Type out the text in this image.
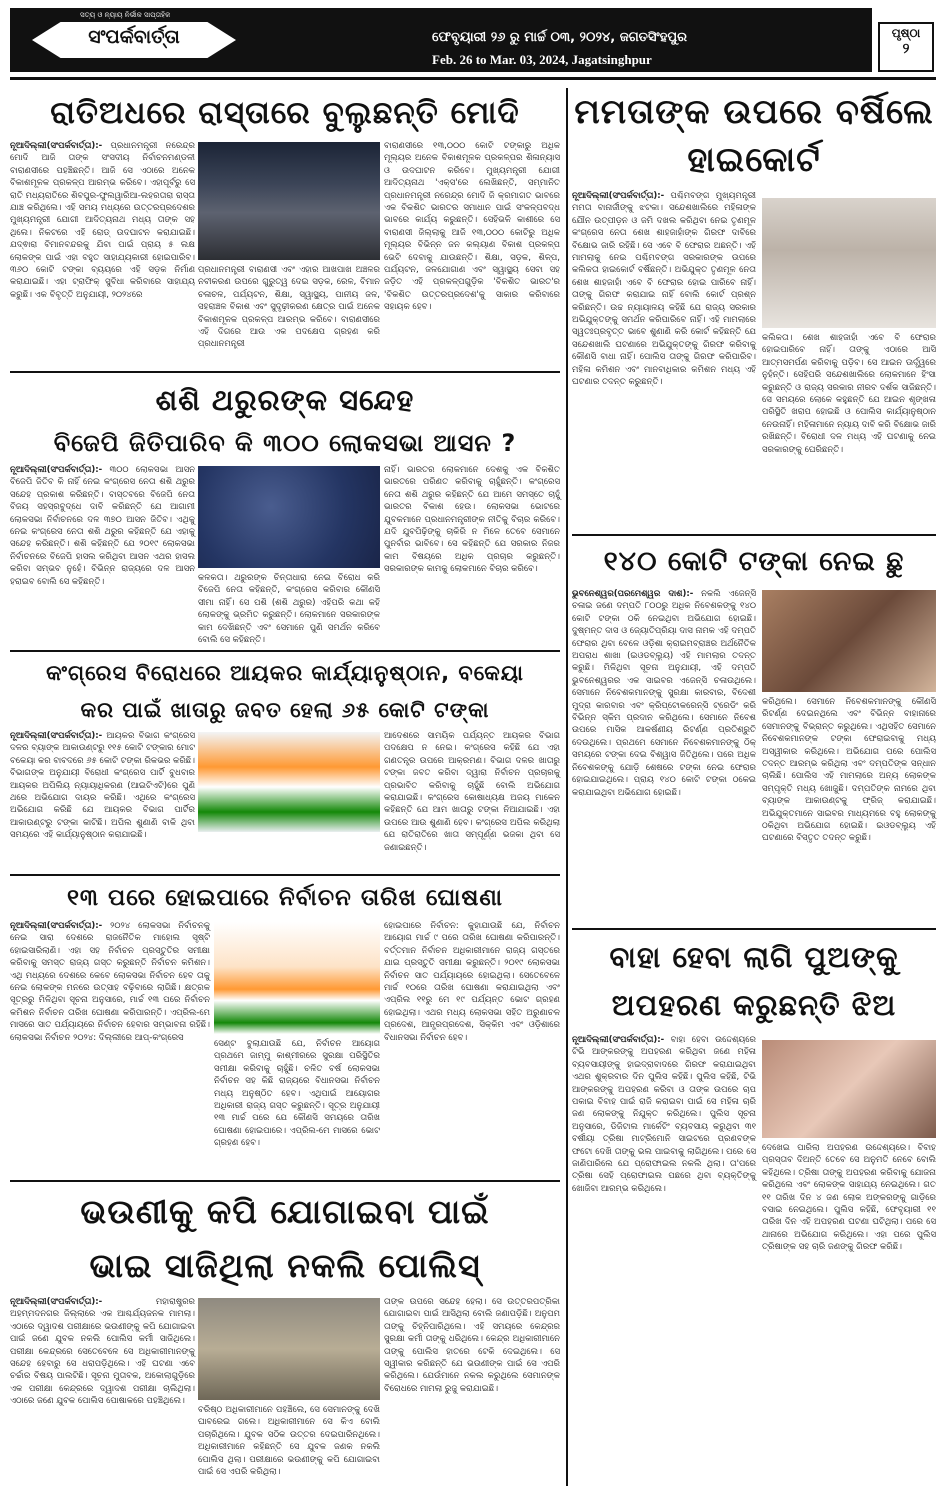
ସତ୍ୟ ଓ ନ୍ୟାୟ ନିର୍ଭୀକ ସାପ୍ତାହିକ
ସଂପର୍କବାର୍ତ୍ତା	ଫେବୃୟାରୀ ୨୬ ରୁ ମାର୍ଚ୍ଚ ୦୩, ୨୦୨୪, ଜଗତସିଂହପୁର
Feb. 26 to Mar. 03, 2024, Jagatsinghpur
ପୃଷ୍ଠା
୨
ରାତିଅଧରେ ରାସ୍ତାରେ ବୁଲୁଛନ୍ତି ମୋଦି
ନୂଆଦିଲ୍ଲୀ(ସଂପର୍କବାର୍ତ୍ତା):- ପ୍ରଧାନମନ୍ତ୍ରୀ ନରେନ୍ଦ୍ର ମୋଦି ଆଜି ତାଙ୍କ ସଂସଦୀୟ ନିର୍ବାଚନମଣ୍ଡଳୀ ବାରାଣସୀରେ ପହଞ୍ଚିଛନ୍ତି। ଆଜି ସେ ଏଠାରେ ଅନେକ ବିକାଶମୂଳକ ପ୍ରକଳ୍ପ ଆରମ୍ଭ କରିବେ। ଏହାପୂର୍ବରୁ ସେ ରାତି ମଧ୍ୟରାତିରେ ଶିବପୁର-ଫୁଲୱାରିଆ-ଲହରତାରା ରାସ୍ତା ଯାଞ୍ଚ କରିଥିଲେ। ଏହି ସମୟ ମଧ୍ୟରେ ଉତ୍ତରପ୍ରଦେଶର ମୁଖ୍ୟମନ୍ତ୍ରୀ ଯୋଗୀ ଆଦିତ୍ୟନାଥ ମଧ୍ୟ ତାଙ୍କ ସହ ଥିଲେ। ନିକଟରେ ଏହି ରୋଡ୍ ଉଦଘାଟନ କରାଯାଇଛି। ଯଦ୍ଵାରା ବିମାନବନ୍ଦରକୁ ଯିବା ପାଇଁ ପ୍ରାୟ ୫ ଲକ୍ଷ ଲୋକଙ୍କ ପାଇଁ ଏହା ବହୁତ ସାହାଯ୍ୟକାରୀ ହୋଇପାରିବ। ୩୬୦ କୋଟି ଟଙ୍କା ବ୍ୟୟରେ ଏହି ସଡ଼କ ନିର୍ମାଣ କରାଯାଇଛି। ଏହା ଟ୍ରାଫିକ୍ ସୁବିଧା କରିବାରେ ସାହାଯ୍ୟ କରୁଛି। ଏକ ବିବୃତ୍ତି ଅନୁଯାୟୀ, ୨୦୨୪ରେ
ପ୍ରଧାନମନ୍ତ୍ରୀ ବାରାଣସୀ ଏବଂ ଏହାର ଆଖପାଖ ଅଞ୍ଚଳର ନବୀକରଣ ଉପରେ ଗୁରୁତ୍ୱ ଦେଇ ସଡ଼କ, ରେଳ, ବିମାନ ଚଳାଚଳ, ପର୍ଯ୍ୟଟନ, ଶିକ୍ଷା, ସ୍ୱାସ୍ଥ୍ୟ, ପାନୀୟ ଜଳ, ସହରାଞ୍ଚଳ ବିକାଶ ଏବଂ ସୁଦୃଢ଼ୀକରଣ କ୍ଷେତ୍ର ପାଇଁ ଅନେକ ବିକାଶମୂଳକ ପ୍ରକଳ୍ପ ଆରମ୍ଭ କରିବେ। ବାରାଣସୀରେ ଏହି ଦିଗରେ ଆଉ ଏକ ପଦକ୍ଷେପ ଗ୍ରହଣ କରି ପ୍ରଧାନମନ୍ତ୍ରୀ
ବାରାଣସୀରେ ୧୩,୦୦୦ କୋଟି ଟଙ୍କାରୁ ଅଧିକ ମୂଲ୍ୟର ଅନେକ ବିକାଶମୂଳକ ପ୍ରକଳ୍ପର ଶିଳାନ୍ୟାସ ଓ ଉଦଘାଟନ କରିବେ। ମୁଖ୍ୟମନ୍ତ୍ରୀ ଯୋଗୀ ଆଦିତ୍ୟନାଥ 'ଏକ୍ସ'ରେ ଲେଖିଛନ୍ତି, ସମ୍ମାନିତ ପ୍ରଧାନମନ୍ତ୍ରୀ ନରେନ୍ଦ୍ର ମୋଦି ଜି କ୍ରମାଗତ ଭାବରେ ଏକ ବିକଶିତ ଭାରତର ସମାଧାନ ପାଇଁ ସଂକଳ୍ପବଦ୍ଧ ଭାବରେ କାର୍ଯ୍ୟ କରୁଛନ୍ତି। ସେହିଭଳି କାଶୀରେ ସେ ବାରାଣସୀ ଜିଲ୍ଲାକୁ ଆଜି ୧୩,୦୦୦ କୋଟିରୁ ଅଧିକ ମୂଲ୍ୟର ବିଭିନ୍ନ ଜନ କଲ୍ୟାଣ ବିକାଶ ପ୍ରକଳ୍ପ ଭେଟି ଦେବାକୁ ଯାଉଛନ୍ତି। ଶିକ୍ଷା, ସଡ଼କ, ଶିଳ୍ପ, ପର୍ଯ୍ୟଟନ, ଜଳଯୋଗାଣ ଏବଂ ସ୍ୱାସ୍ଥ୍ୟ ସେବା ସହ ଜଡ଼ିତ ଏହି ପ୍ରକଳ୍ପଗୁଡ଼ିକ 'ବିକଶିତ ଭାରତ'ର 'ବିକଶିତ ଉତ୍ତରପ୍ରଦେଶ'କୁ ସାକାର କରିବାରେ ସହାୟକ ହେବ।
ଶଶି ଥରୁରଙ୍କ ସନ୍ଦେହ
ବିଜେପି ଜିତିପାରିବ କି ୩୦୦ ଲୋକସଭା ଆସନ ?
ନୂଆଦିଲ୍ଲୀ(ସଂପର୍କବାର୍ତ୍ତା):- ୩୦୦ ଲୋକସଭା ଆସନ ବିଜେପି ଜିତିବ କି ନାହିଁ ନେଇ କଂଗ୍ରେସ ନେତା ଶଶି ଥରୁର ସନ୍ଦେହ ପ୍ରକାଶ କରିଛନ୍ତି। ବାସ୍ତବରେ ବିଜେପି ନେତା ବିଜୟ ସହସ୍ରବୁଦ୍ଧେ ଦାବି କରିଛନ୍ତି ଯେ ଆଗାମୀ ଲୋକସଭା ନିର୍ବାଚନରେ ଦଳ ୩୭୦ ଆସନ ଜିତିବ। ଏଥିକୁ ନେଇ କଂଗ୍ରେସ ନେତା ଶଶି ଥରୁର କହିଛନ୍ତି ଯେ ଏହାକୁ ସନ୍ଦେହ କରିଛନ୍ତି। ଶଶି କହିଛନ୍ତି ଯେ ୨୦୧୯ ଲୋକସଭା ନିର୍ବାଚନରେ ବିଜେପି ହାସଲ କରିଥିବା ଆସନ ଏଥର ହାସଲ କରିବା ସମ୍ଭବ ନୁହେଁ। ବିଭିନ୍ନ ରାଜ୍ୟରେ ଦଳ ଆସନ ହରାଇବ ବୋଲି ସେ କହିଛନ୍ତି।	କଳକତା। ଥରୁରଙ୍କ ଚିନ୍ତାଧାରା ନେଇ ବିରୋଧ କରି ବିଜେପି ନେତା କହିଛନ୍ତି, କଂଗ୍ରେସ କରିବାର କୌଣସି ସୀମା ନାହିଁ। ସେ ପଶି (ଶଶି ଥରୁର) ଏହିପରି କଥା କହି ଲୋକଙ୍କୁ ଭ୍ରମିତ କରୁଛନ୍ତି। ଲୋକମାନେ ସରକାରଙ୍କ କାମ ଦେଖିଛନ୍ତି ଏବଂ ସେମାନେ ପୁଣି ସମର୍ଥନ କରିବେ ବୋଲି ସେ କହିଛନ୍ତି।
ନାହିଁ। ଭାରତର ଲୋକମାନେ ଦେଶକୁ ଏକ ବିକଶିତ ଭାରତରେ ପରିଣତ କରିବାକୁ ଚାହୁଁଛନ୍ତି। କଂଗ୍ରେସ ନେତା ଶଶି ଥରୁର କହିଛନ୍ତି ଯେ ଆମେ ସମସ୍ତେ ଚାହୁଁ ଭାରତର ବିକାଶ ହେଉ। ଲୋକସଭା ଭୋଟରେ ଯୁବକମାନେ ପ୍ରଧାନମନ୍ତ୍ରୀଙ୍କ ନୀତିକୁ ବିଚାର କରିବେ। ଯଦି ଯୁବପିଢ଼ିଙ୍କୁ ଚାକିରି ନ ମିଳେ ତେବେ ସେମାନେ ପୁନର୍ବାର ଭାବିବେ। ସେ କହିଛନ୍ତି ଯେ ସରକାର ନିଜର କାମ ବିଷୟରେ ଅଧିକ ପ୍ରଚାର କରୁଛନ୍ତି। ସରକାରଙ୍କ କାମକୁ ଲୋକମାନେ ବିଚାର କରିବେ।
କଂଗ୍ରେସ ବିରୋଧରେ ଆୟକର କାର୍ଯ୍ୟାନୁଷ୍ଠାନ, ବକେୟା
କର ପାଇଁ ଖାତାରୁ ଜବତ ହେଲା ୬୫ କୋଟି ଟଙ୍କା
ନୂଆଦିଲ୍ଲୀ(ସଂପର୍କବାର୍ତ୍ତା):- ଆୟକର ବିଭାଗ କଂଗ୍ରେସ ଦଳର ବ୍ୟାଙ୍କ ଆକାଉଣ୍ଟରୁ ୧୧୫ କୋଟି ଟଙ୍କାର ମୋଟ ବକେୟା କର ବାବଦରେ ୬୫ କୋଟି ଟଙ୍କା ରିକଭର କରିଛି। ବିଭାଗଙ୍କ ଅନୁଯାୟୀ ବିରୋଧୀ କଂଗ୍ରେସ ପାର୍ଟି ବୁଧବାର ଆୟକର ଅପିଲିୟ ନ୍ୟାୟାଧିକରଣ (ଆଇଟିଏଟି)ରେ ପୁଣି ଥରେ ଅଭିଯୋଗ ଦାୟର କରିଛି। ଏଥିରେ କଂଗ୍ରେସ ଅଭିଯୋଗ କରିଛି ଯେ ଆୟକର ବିଭାଗ ପାର୍ଟିର ଆକାଉଣ୍ଟରୁ ଟଙ୍କା କାଟିଛି। ଅପିଲ ଶୁଣାଣି ବାକି ଥିବା ସମୟରେ ଏହି କାର୍ଯ୍ୟାନୁଷ୍ଠାନ କରାଯାଇଛି।
ଆଦେଶରେ ସାମୟିକ ପର୍ଯ୍ୟନ୍ତ ଆୟକର ବିଭାଗ ପଦକ୍ଷେପ ନ ନେଇ। କଂଗ୍ରେସ କହିଛି ଯେ ଏହା ଗଣତନ୍ତ୍ର ଉପରେ ଆକ୍ରମଣ। ବିଭାଗ ଦଳର ଖାତାରୁ ଟଙ୍କା ଜବତ କରିବା ଦ୍ୱାରା ନିର୍ବାଚନ ପ୍ରଚାରକୁ ପ୍ରଭାବିତ କରିବାକୁ ଚାହୁଁଛି ବୋଲି ଅଭିଯୋଗ କରାଯାଇଛି। କଂଗ୍ରେସ କୋଷାଧ୍ୟକ୍ଷ ଅଜୟ ମାକେନ କହିଛନ୍ତି ଯେ ଆମ ଖାତାରୁ ଟଙ୍କା ନିଆଯାଇଛି। ଏହା ଉପରେ ଆଉ ଶୁଣାଣି ହେବ। କଂଗ୍ରେସ ଅପିଲ କରିଥିଲା ଯେ ରାତିରାତିରେ ଖାତା ସମ୍ପୂର୍ଣ୍ଣ ଭଜକା ଥିବା ସେ ଜଣାଇଛନ୍ତି।
୧୩ ପରେ ହୋଇପାରେ ନିର୍ବାଚନ ତାରିଖ ଘୋଷଣା
ନୂଆଦିଲ୍ଲୀ(ସଂପର୍କବାର୍ତ୍ତା):- ୨୦୨୪ ଲୋକସଭା ନିର୍ବାଚନକୁ ନେଇ ସାରା ଦେଶରେ ରାଜନୈତିକ ମାହୋଲ ସୃଷ୍ଟି ହୋଇସାରିଲାଣି। ଏହା ସହ ନିର୍ବାଚନ ପ୍ରସ୍ତୁତିର ସମୀକ୍ଷା କରିବାକୁ ସମସ୍ତ ରାଜ୍ୟ ଗସ୍ତ କରୁଛନ୍ତି ନିର୍ବାଚନ କମିଶନ। ଏଥି ମଧ୍ୟରେ ଦେଶରେ କେବେ ଲୋକସଭା ନିର୍ବାଚନ ହେବ ତାକୁ ନେଇ ଲୋକଙ୍କ ମନରେ ଉତ୍ସାହ ବଢ଼ିବାରେ ଲାଗିଛି। କ୍ଷତ୍ରକ ସୂତ୍ରରୁ ମିଳିଥିବା ସୂଚନା ଅନୁସାରେ, ମାର୍ଚ୍ଚ ୧୩ ପରେ ନିର୍ବାଚନ କମିଶନ ନିର୍ବାଚନ ତାରିଖ ଘୋଷଣା କରିପାରନ୍ତି। ଏପ୍ରିଲ-ମେ ମାସରେ ସାତ ପର୍ଯ୍ୟାୟରେ ନିର୍ବାଚନ ହେବାର ସମ୍ଭାବନା ରହିଛି। ଲୋକସଭା ନିର୍ବାଚନ ୨୦୨୪: ଦିଲ୍ଲୀରେ ଆପ୍-କଂଗ୍ରେସ
ସେଣ୍ଟ ବୁଲାଯାଉଛି ଯେ, ନିର୍ବାଚନ ଆୟୋଗ ପ୍ରଥମେ ଜାମ୍ମୁ କାଶ୍ମୀରରେ ସୁରକ୍ଷା ପରିସ୍ଥିତିର ସମୀକ୍ଷା କରିବାକୁ ଚାହୁଁଛି। ଚଳିତ ବର୍ଷ ଲୋକସଭା ନିର୍ବାଚନ ସହ କିଛି ରାଜ୍ୟରେ ବିଧାନସଭା ନିର୍ବାଚନ ମଧ୍ୟ ଅନୁଷ୍ଠିତ ହେବ। ଏଥିପାଇଁ ଆୟୋଗର ଅଧିକାରୀ ରାଜ୍ୟ ଗସ୍ତ କରୁଛନ୍ତି। ସୂତ୍ର ଅନୁଯାୟୀ ୧୩ ମାର୍ଚ୍ଚ ପରେ ଯେ କୌଣସି ସମୟରେ ତାରିଖ ଘୋଷଣା ହୋଇପାରେ। ଏପ୍ରିଲ-ମେ ମାସରେ ଭୋଟ ଗ୍ରହଣ ହେବ।
ହୋଇପାରେ ନିର୍ବାଚନ: କୁହାଯାଉଛି ଯେ, ନିର୍ବାଚନ ଆୟୋଗ ମାର୍ଚ୍ଚ ୯ ପରେ ତାରିଖ ଘୋଷଣା କରିପାରନ୍ତି। ବର୍ତ୍ତମାନ ନିର୍ବାଚନ ଅଧିକାରୀମାନେ ରାଜ୍ୟ ଗସ୍ତରେ ଯାଇ ପ୍ରସ୍ତୁତି ସମୀକ୍ଷା କରୁଛନ୍ତି। ୨୦୧୯ ଲୋକସଭା ନିର୍ବାଚନ ସାତ ପର୍ଯ୍ୟାୟରେ ହୋଇଥିଲା। ସେତେବେଳେ ମାର୍ଚ୍ଚ ୧୦ରେ ତାରିଖ ଘୋଷଣା କରାଯାଇଥିଲା ଏବଂ ଏପ୍ରିଲ ୧୧ରୁ ମେ ୧୯ ପର୍ଯ୍ୟନ୍ତ ଭୋଟ ଗ୍ରହଣ ହୋଇଥିଲା। ଏଥର ମଧ୍ୟ ଲୋକସଭା ସହିତ ଅରୁଣାଚଳ ପ୍ରଦେଶ, ଆନ୍ଧ୍ରପ୍ରଦେଶ, ସିକ୍କିମ ଏବଂ ଓଡ଼ିଶାରେ ବିଧାନସଭା ନିର୍ବାଚନ ହେବ।
ଭଉଣୀକୁ କପି ଯୋଗାଇବା ପାଇଁ
ଭାଇ ସାଜିଥିଲା ନକଲି ପୋଲିସ୍
ନୂଆଦିଲ୍ଲୀ(ସଂପର୍କବାର୍ତ୍ତା):-	ମହାରାଷ୍ଟ୍ରର ଅହମ୍ମଦନଗର ଜିଲ୍ଲାରେ ଏକ ଆଶ୍ଚର୍ଯ୍ୟଜନକ ମାମଲା। ଏଠାରେ ଦ୍ୱାଦଶ ପରୀକ୍ଷାରେ ଭଉଣୀଙ୍କୁ କପି ଯୋଗାଇବା ପାଇଁ ଜଣେ ଯୁବକ ନକଲି ପୋଲିସ କର୍ମୀ ସାଜିଥିଲେ। ପରୀକ୍ଷା କେନ୍ଦ୍ରରେ ସେତେବେଳେ ସେ ଅଧିକାରୀମାନଙ୍କୁ ସନ୍ଦେହ ହେବାରୁ ସେ ଧରାପଡ଼ିଥିଲେ। ଏହି ଘଟଣା ଏବେ ଚର୍ଚ୍ଚାର ବିଷୟ ପାଲଟିଛି। ସୂଚନା ମୁତାବକ, ଅକୋଲାଗୁଡ଼ିରେ ଏକ ପରୀକ୍ଷା କେନ୍ଦ୍ରରେ ଦ୍ୱାଦଶ ପରୀକ୍ଷା ଚାଲିଥିଲା। ଏଠାରେ ଜଣେ ଯୁବକ ପୋଲିସ ପୋଷାକରେ ପହଞ୍ଚିଥିଲେ।
ବରିଷ୍ଠ ଅଧିକାରୀମାନେ ପହଞ୍ଚିଲେ, ସେ ସେମାନଙ୍କୁ ଦେଖି ଘାବରେଇ ଗଲେ। ଅଧିକାରୀମାନେ ସେ କିଏ ବୋଲି ପଚାରିଥିଲେ। ଯୁବକ ସଠିକ ଉତ୍ତର ଦେଇପାରିନଥିଲେ। ଅଧିକାରୀମାନେ କହିଛନ୍ତି ସେ ଯୁବକ ଜଣକ ନକଲି ପୋଲିସ ଥିଲା। ପରୀକ୍ଷାରେ ଭଉଣୀଙ୍କୁ କପି ଯୋଗାଇବା ପାଇଁ ସେ ଏପରି କରିଥିଲା।
ତାଙ୍କ ଉପରେ ସନ୍ଦେହ ହେଲା। ସେ ଉତ୍ତରପତ୍ରିକା ଯୋଗାଇବା ପାଇଁ ଆସିଥିଲା ବୋଲି ଜଣାପଡ଼ିଛି। ଅନୁପମ ତାଙ୍କୁ ଚିହ୍ନିପାରିଥିଲେ। ଏହି ସମୟରେ କେନ୍ଦ୍ରର ସୁରକ୍ଷା କର୍ମୀ ତାଙ୍କୁ ଧରିଥିଲେ। କେନ୍ଦ୍ର ଅଧିକାରୀମାନେ ତାଙ୍କୁ ପୋଲିସ ହାତରେ ଟେକି ଦେଇଥିଲେ। ସେ ସ୍ୱୀକାର କରିଛନ୍ତି ଯେ ଭଉଣୀଙ୍କ ପାଇଁ ସେ ଏପରି କରିଥିଲେ। ଯେଉଁମାନେ ନକଲ କରୁଥିଲେ ସେମାନଙ୍କ ବିରୋଧରେ ମାମଲା ରୁଜୁ କରାଯାଇଛି।
ମମତାଙ୍କ ଉପରେ ବର୍ଷିଲେ ହାଇକୋର୍ଟ
ନୂଆଦିଲ୍ଲୀ(ସଂପର୍କବାର୍ତ୍ତା):- ପଶ୍ଚିମବଙ୍ଗ ମୁଖ୍ୟମନ୍ତ୍ରୀ ମମତା ବାନାର୍ଜୀଙ୍କୁ ଝଟକା। ସନ୍ଦେଶଖାଲିରେ ମହିଳାଙ୍କ ଯୌନ ଉତ୍ପୀଡ଼ନ ଓ ଜମି ଦଖଲ କରିଥିବା ନେଇ ତୃଣମୂଳ କଂଗ୍ରେସ ନେତା ଶେଖ ଶାହଜାହାଁଙ୍କ ଗିରଫ ଦାବିରେ ବିକ୍ଷୋଭ ଜାରି ରହିଛି। ସେ ଏବେ ବି ଫେରାର ଅଛନ୍ତି। ଏହି ମାମଲାକୁ ନେଇ ପଶ୍ଚିମବଙ୍ଗ ସରକାରଙ୍କ ଉପରେ କଲିକତା ହାଇକୋର୍ଟ ବର୍ଷିଛନ୍ତି। ଅଭିଯୁକ୍ତ ତୃଣମୂଳ ନେତା ଶେଖ ଶାହଜାହାଁ ଏବେ ବି ଫେରାର ହୋଇ ପାରିବେ ନାହିଁ। ତାଙ୍କୁ ଗିରଫ କରାଯାଇ ନାହିଁ ବୋଲି କୋର୍ଟ ପ୍ରଶ୍ନ କରିଛନ୍ତି। ଉଚ୍ଚ ନ୍ୟାୟାଳୟ କହିଛି ଯେ ରାଜ୍ୟ ସରକାର ଅଭିଯୁକ୍ତଙ୍କୁ ସମର୍ଥନ କରିପାରିବେ ନାହିଁ। ଏହି ମାମଲାରେ ସ୍ୱତଃପ୍ରବୃତ୍ତ ଭାବେ ଶୁଣାଣି କରି କୋର୍ଟ କହିଛନ୍ତି ଯେ ସନ୍ଦେଶଖାଲି ଘଟଣାରେ ଅଭିଯୁକ୍ତଙ୍କୁ ଗିରଫ କରିବାକୁ କୌଣସି ବାଧା ନାହିଁ। ପୋଲିସ ତାଙ୍କୁ ଗିରଫ କରିପାରିବ। ମହିଳା କମିଶନ ଏବଂ ମାନବାଧିକାର କମିଶନ ମଧ୍ୟ ଏହି ଘଟଣାର ତଦନ୍ତ କରୁଛନ୍ତି।
କଲିକତା। ଶେଖ ଶାହଜାହାଁ ଏବେ ବି ଫେରାର ହୋଇପାରିବେ ନାହିଁ। ତାଙ୍କୁ ଏଠାରେ ଆସି ଆତ୍ମସମର୍ପଣ କରିବାକୁ ପଡ଼ିବ। ସେ ଆଇନ ଊର୍ଦ୍ଧ୍ୱରେ ନୁହଁନ୍ତି। ସେହିପରି ସନ୍ଦେଶଖାଲିରେ ଲୋକମାନେ ହିଂସା କରୁଛନ୍ତି ଓ ରାଜ୍ୟ ସରକାର ନୀରବ ଦର୍ଶକ ସାଜିଛନ୍ତି। ସେ ସମୟରେ ଲୋକେ କହୁଛନ୍ତି ଯେ ଆଇନ ଶୃଙ୍ଖଳା ପରିସ୍ଥିତି ଖରାପ ହୋଇଛି ଓ ପୋଲିସ କାର୍ଯ୍ୟାନୁଷ୍ଠାନ ନେଉନାହିଁ। ମହିଳାମାନେ ନ୍ୟାୟ ଦାବି କରି ବିକ୍ଷୋଭ ଜାରି ରଖିଛନ୍ତି। ବିରୋଧୀ ଦଳ ମଧ୍ୟ ଏହି ଘଟଣାକୁ ନେଇ ସରକାରଙ୍କୁ ଘେରିଛନ୍ତି।
୧୪୦ କୋଟି ଟଙ୍କା ନେଇ ଛୁ
ଭୁବନେଶ୍ୱର(ପରମେଶ୍ୱର ଦାଶ):- ନକଲି ଏଜେନ୍ସି ଚଳାଇ ଜଣେ ଦମ୍ପତି ୮୦୦ରୁ ଅଧିକ ନିବେଶକଙ୍କୁ ୧୪୦ କୋଟି ଟଙ୍କା ଠକି ନେଇଥିବା ଅଭିଯୋଗ ହୋଇଛି। ଦୁଷ୍ମନ୍ତ ଦାସ ଓ ଜ୍ୟୋତିପ୍ରିୟା ଦାସ ନାମକ ଏହି ଦମ୍ପତି ଫେରାର ଥିବା ବେଳେ ଓଡ଼ିଶା କ୍ରାଇମବ୍ରାଞ୍ଚର ଅର୍ଥନୈତିକ ଅପରାଧ ଶାଖା (ଇଓଡବ୍ଲ୍ୟୁ) ଏହି ମାମଲାର ତଦନ୍ତ କରୁଛି। ମିଳିଥିବା ସୂଚନା ଅନୁଯାୟୀ, ଏହି ଦମ୍ପତି ଭୁବନେଶ୍ୱରର ଏକ ସାଇବର ଏଜେନ୍ସି ଚଳାଉଥିଲେ। ସେମାନେ ନିବେଶକମାନଙ୍କୁ ସୁରକ୍ଷା କାରବାର, ବିଦେଶୀ ମୁଦ୍ରା କାରବାର ଏବଂ କ୍ରିପ୍ଟୋକରେନ୍ସି ଟ୍ରେଡିଂ କରି ବିଭିନ୍ନ ସ୍କିମ ପ୍ରଦାନ କରିଥିଲେ। ସେମାନେ ନିବେଶ ଉପରେ ମାସିକ ଆକର୍ଷଣୀୟ ରିଟର୍ଣ୍ଣ ପ୍ରତିଶ୍ରୁତି ଦେଉଥିଲେ। ପ୍ରଥମେ ସେମାନେ ନିବେଶକମାନଙ୍କୁ ଠିକ୍ ସମୟରେ ଟଙ୍କା ଦେଇ ବିଶ୍ୱାସ ଜିତିଥିଲେ। ପରେ ଅଧିକ ନିବେଶକଙ୍କୁ ଯୋଡ଼ି ଶେଷରେ ଟଙ୍କା ନେଇ ଫେରାର ହୋଇଯାଇଥିଲେ। ପ୍ରାୟ ୧୪୦ କୋଟି ଟଙ୍କା ଠକେଇ କରାଯାଇଥିବା ଅଭିଯୋଗ ହୋଇଛି।
କରିଥିଲେ। ସେମାନେ ନିବେଶକମାନଙ୍କୁ କୌଣସି ରିଟର୍ଣ୍ଣ ଦେଇନଥିଲେ ଏବଂ ବିଭିନ୍ନ ବାହାନାରେ ସେମାନଙ୍କୁ ବିଭ୍ରାନ୍ତ କରୁଥିଲେ। ଏଥିସହିତ ସେମାନେ ନିବେଶକମାନଙ୍କ ଟଙ୍କା ଫେରାଇବାକୁ ମଧ୍ୟ ଅସ୍ୱୀକାର କରିଥିଲେ। ଅଭିଯୋଗ ପରେ ପୋଲିସ ତଦନ୍ତ ଆରମ୍ଭ କରିଥିଲା ଏବଂ ଦମ୍ପତିଙ୍କ ସନ୍ଧାନ ଚାଲିଛି। ପୋଲିସ ଏହି ମାମଲାରେ ଅନ୍ୟ ଲୋକଙ୍କ ସମ୍ପୃକ୍ତି ମଧ୍ୟ ଖୋଜୁଛି। ଦମ୍ପତିଙ୍କ ନାମରେ ଥିବା ବ୍ୟାଙ୍କ ଆକାଉଣ୍ଟକୁ ଫ୍ରିଜ୍ କରାଯାଇଛି। ଅଭିଯୁକ୍ତମାନେ ସାଇବର ମାଧ୍ୟମରେ ବହୁ ଲୋକଙ୍କୁ ଠକିଥିବା ଅଭିଯୋଗ ହୋଇଛି। ଇଓଡବ୍ଲ୍ୟୁ ଏହି ଘଟଣାରେ ବିସ୍ତୃତ ତଦନ୍ତ କରୁଛି।
ବାହା ହେବା ଲାଗି ପୁଅଙ୍କୁ
ଅପହରଣ କରୁଛନ୍ତି ଝିଅ
ନୂଆଦିଲ୍ଲୀ(ସଂପର୍କବାର୍ତ୍ତା):- ବାହା ହେବା ଉଦ୍ଦେଶ୍ୟରେ ଟିଭି ଆଙ୍କରଙ୍କୁ ଅପହରଣ କରିଥିବା ଜଣେ ମହିଳା ବ୍ୟବସାୟୀଙ୍କୁ ହାଇଦ୍ରାବାଦରେ ଗିରଫ କରାଯାଇଥିବା ଏଥର ଶୁକ୍ରବାର ଦିନ ପୁଲିସ କହିଛି। ପୁଲିସ କହିଛି, ଟିଭି ଆଙ୍କରଙ୍କୁ ଅପହରଣ କରିବା ଓ ତାଙ୍କ ଉପରେ ଚାପ ପକାଇ ବିବାହ ପାଇଁ ରାଜି କରାଇବା ପାଇଁ ସେ ମହିଳା ଚାରି ଜଣ ଲୋକଙ୍କୁ ନିଯୁକ୍ତ କରିଥିଲେ। ପୁଲିସ ସୂଚନା ଅନୁସାରେ, ଡିଜିଟାଲ ମାର୍କେଟିଂ ବ୍ୟବସାୟ କରୁଥିବା ୩୧ ବର୍ଷୀୟା ତ୍ରିଷା ମାଟ୍ରିମୋନି ସାଇଟରେ ପ୍ରଣବଙ୍କ ଫଟୋ ଦେଖି ତାଙ୍କୁ ଭଲ ପାଇବାକୁ ଲାଗିଥିଲେ। ପରେ ସେ ଜାଣିପାରିଲେ ଯେ ପ୍ରୋଫାଇଲ ନକଲି ଥିଲା। ତା'ପରେ ତ୍ରିଷା ସେହି ପ୍ରୋଫାଇଲ ପଛରେ ଥିବା ବ୍ୟକ୍ତିଙ୍କୁ ଖୋଜିବା ଆରମ୍ଭ କରିଥିଲେ।
ଦେଖେଇ ପାରିଲା ଅପହରଣ ଉଦ୍ଦେଶ୍ୟରେ। ବିବାହ ପ୍ରସ୍ତାବ ଦିଅନ୍ତି ତେବେ ସେ ଅନୁମତି ନେବେ ବୋଲି କହିଥିଲେ। ତ୍ରିଷା ତାଙ୍କୁ ଅପହରଣ କରିବାକୁ ଯୋଜନା କରିଥିଲେ ଏବଂ ଲୋକଙ୍କ ସାହାଯ୍ୟ ନେଇଥିଲେ। ଗତ ୧୧ ତାରିଖ ଦିନ ୪ ଜଣ ଲୋକ ଅଙ୍କରଙ୍କୁ ଗାଡ଼ିରେ ବସାଇ ନେଇଥିଲେ। ପୁଲିସ କହିଛି, ଫେବୃୟାରୀ ୧୧ ତାରିଖ ଦିନ ଏହି ଅପହରଣ ଘଟଣା ଘଟିଥିଲା। ପରେ ସେ ଥାନାରେ ଅଭିଯୋଗ କରିଥିଲେ। ଏହା ପରେ ପୁଲିସ ତ୍ରିଷାଙ୍କ ସହ ଚାରି ଜଣଙ୍କୁ ଗିରଫ କରିଛି।
